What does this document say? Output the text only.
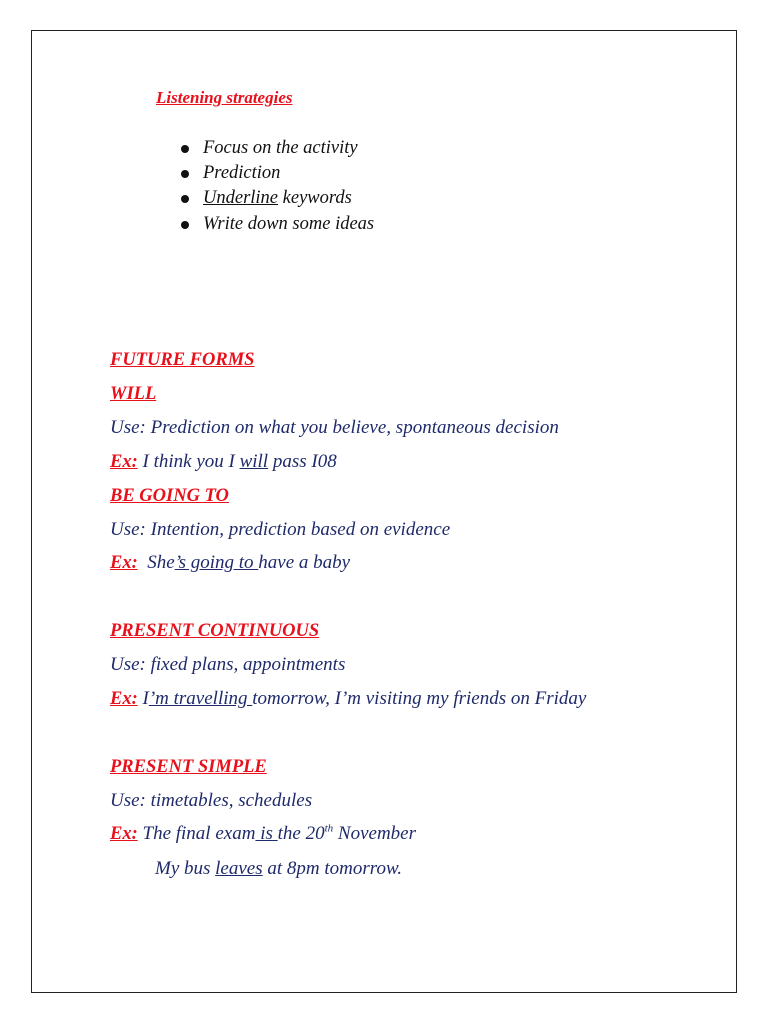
Listening strategies
Focus on the activity
Prediction
Underline keywords
Write down some ideas
FUTURE FORMS
WILL
Use: Prediction on what you believe, spontaneous decision
Ex: I think you I will pass I08
BE GOING TO
Use: Intention, prediction based on evidence
Ex:  She’s going to have a baby
PRESENT CONTINUOUS
Use: fixed plans, appointments
Ex: I’m travelling tomorrow, I’m visiting my friends on Friday
PRESENT SIMPLE
Use: timetables, schedules
Ex: The final exam is the 20th November
My bus leaves at 8pm tomorrow.
